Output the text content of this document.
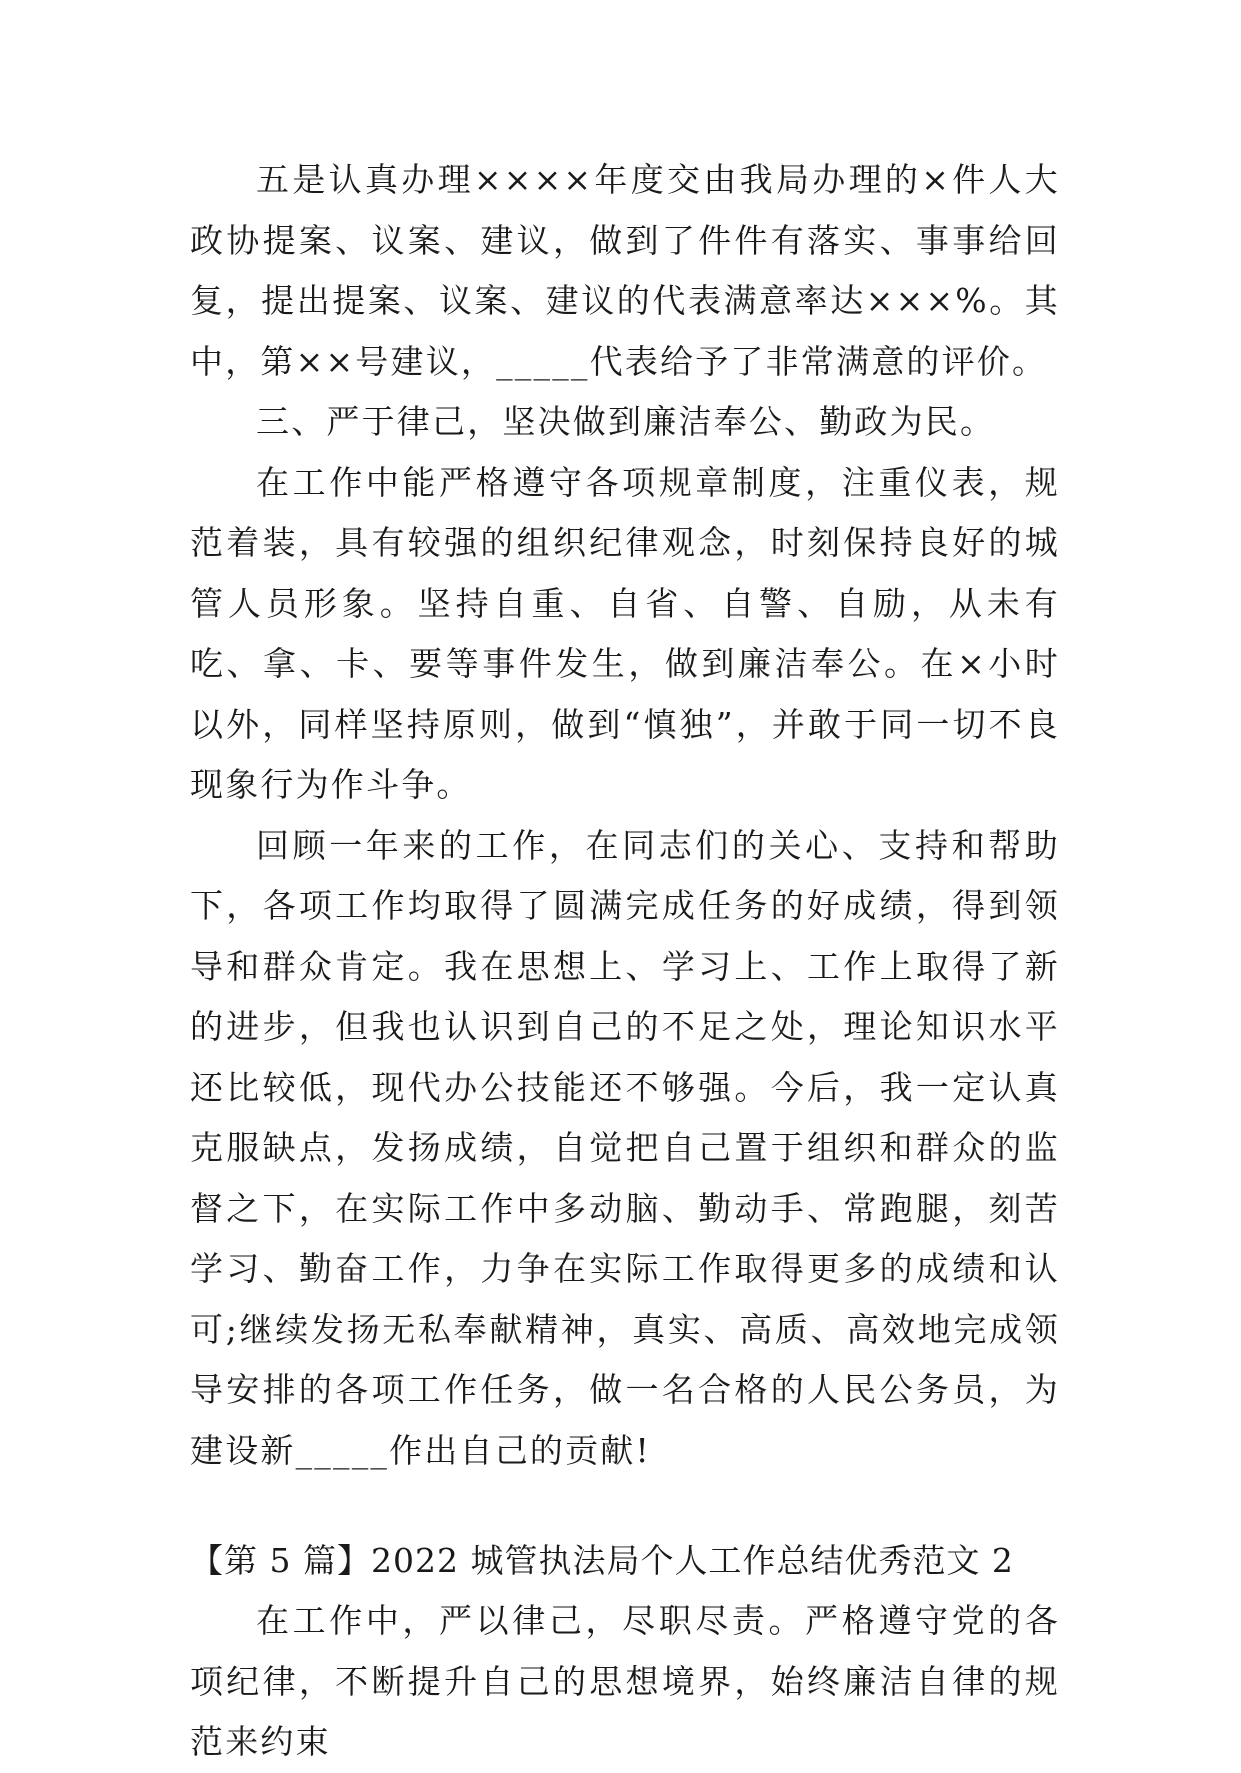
五是认真办理××××年度交由我局办理的×件人大政协提案、议案、建议，做到了件件有落实、事事给回复，提出提案、议案、建议的代表满意率达×××%。其中，第××号建议，_____代表给予了非常满意的评价。

三、严于律己，坚决做到廉洁奉公、勤政为民。

在工作中能严格遵守各项规章制度，注重仪表，规范着装，具有较强的组织纪律观念，时刻保持良好的城管人员形象。坚持自重、自省、自警、自励，从未有吃、拿、卡、要等事件发生，做到廉洁奉公。在×小时以外，同样坚持原则，做到“慎独”，并敢于同一切不良现象行为作斗争。

回顾一年来的工作，在同志们的关心、支持和帮助下，各项工作均取得了圆满完成任务的好成绩，得到领导和群众肯定。我在思想上、学习上、工作上取得了新的进步，但我也认识到自己的不足之处，理论知识水平还比较低，现代办公技能还不够强。今后，我一定认真克服缺点，发扬成绩，自觉把自己置于组织和群众的监督之下，在实际工作中多动脑、勤动手、常跑腿，刻苦学习、勤奋工作，力争在实际工作取得更多的成绩和认可;继续发扬无私奉献精神，真实、高质、高效地完成领导安排的各项工作任务，做一名合格的人民公务员，为建设新_____作出自己的贡献!

【第 5 篇】2022 城管执法局个人工作总结优秀范文 2

在工作中，严以律己，尽职尽责。严格遵守党的各项纪律，不断提升自己的思想境界，始终廉洁自律的规范来约束
